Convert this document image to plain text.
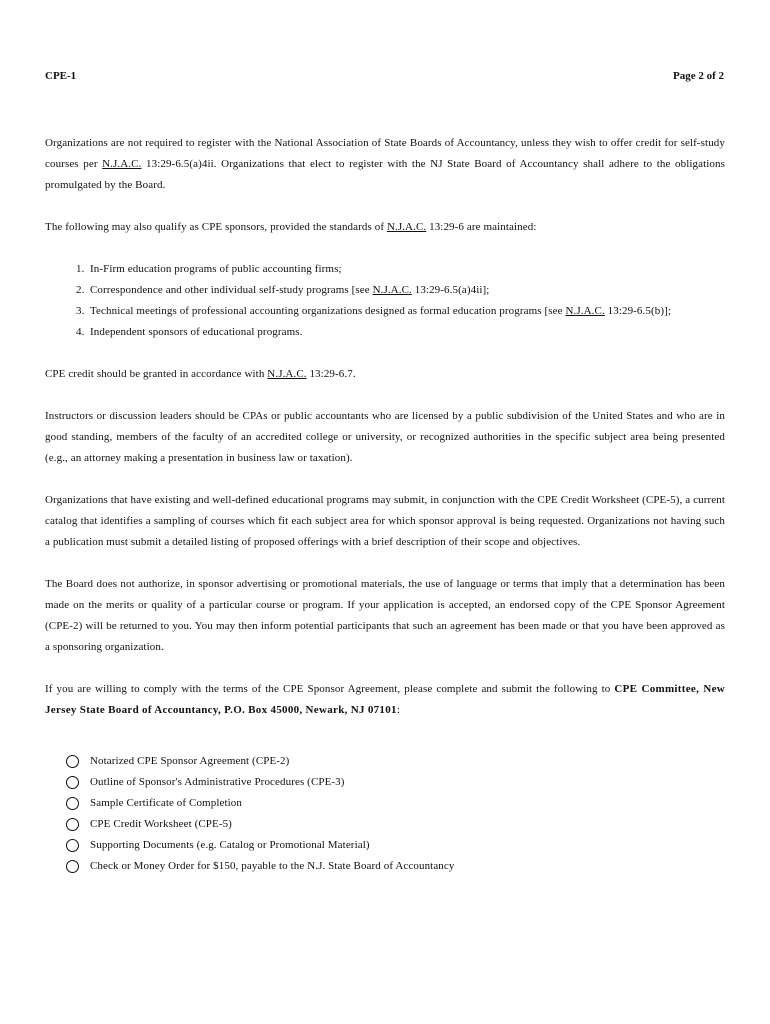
CPE-1	Page 2 of 2

Organizations are not required to register with the National Association of State Boards of Accountancy, unless they wish to offer credit for self-study courses per N.J.A.C. 13:29-6.5(a)4ii. Organizations that elect to register with the NJ State Board of Accountancy shall adhere to the obligations promulgated by the Board.

The following may also qualify as CPE sponsors, provided the standards of N.J.A.C. 13:29-6 are maintained:

1. In-Firm education programs of public accounting firms;
2. Correspondence and other individual self-study programs [see N.J.A.C. 13:29-6.5(a)4ii];
3. Technical meetings of professional accounting organizations designed as formal education programs [see N.J.A.C. 13:29-6.5(b)];
4. Independent sponsors of educational programs.

CPE credit should be granted in accordance with N.J.A.C. 13:29-6.7.

Instructors or discussion leaders should be CPAs or public accountants who are licensed by a public subdivision of the United States and who are in good standing, members of the faculty of an accredited college or university, or recognized authorities in the specific subject area being presented (e.g., an attorney making a presentation in business law or taxation).

Organizations that have existing and well-defined educational programs may submit, in conjunction with the CPE Credit Worksheet (CPE-5), a current catalog that identifies a sampling of courses which fit each subject area for which sponsor approval is being requested. Organizations not having such a publication must submit a detailed listing of proposed offerings with a brief description of their scope and objectives.

The Board does not authorize, in sponsor advertising or promotional materials, the use of language or terms that imply that a determination has been made on the merits or quality of a particular course or program. If your application is accepted, an endorsed copy of the CPE Sponsor Agreement (CPE-2) will be returned to you. You may then inform potential participants that such an agreement has been made or that you have been approved as a sponsoring organization.

If you are willing to comply with the terms of the CPE Sponsor Agreement, please complete and submit the following to CPE Committee, New Jersey State Board of Accountancy, P.O. Box 45000, Newark, NJ 07101:

Notarized CPE Sponsor Agreement (CPE-2)
Outline of Sponsor's Administrative Procedures (CPE-3)
Sample Certificate of Completion
CPE Credit Worksheet (CPE-5)
Supporting Documents (e.g. Catalog or Promotional Material)
Check or Money Order for $150, payable to the N.J. State Board of Accountancy
